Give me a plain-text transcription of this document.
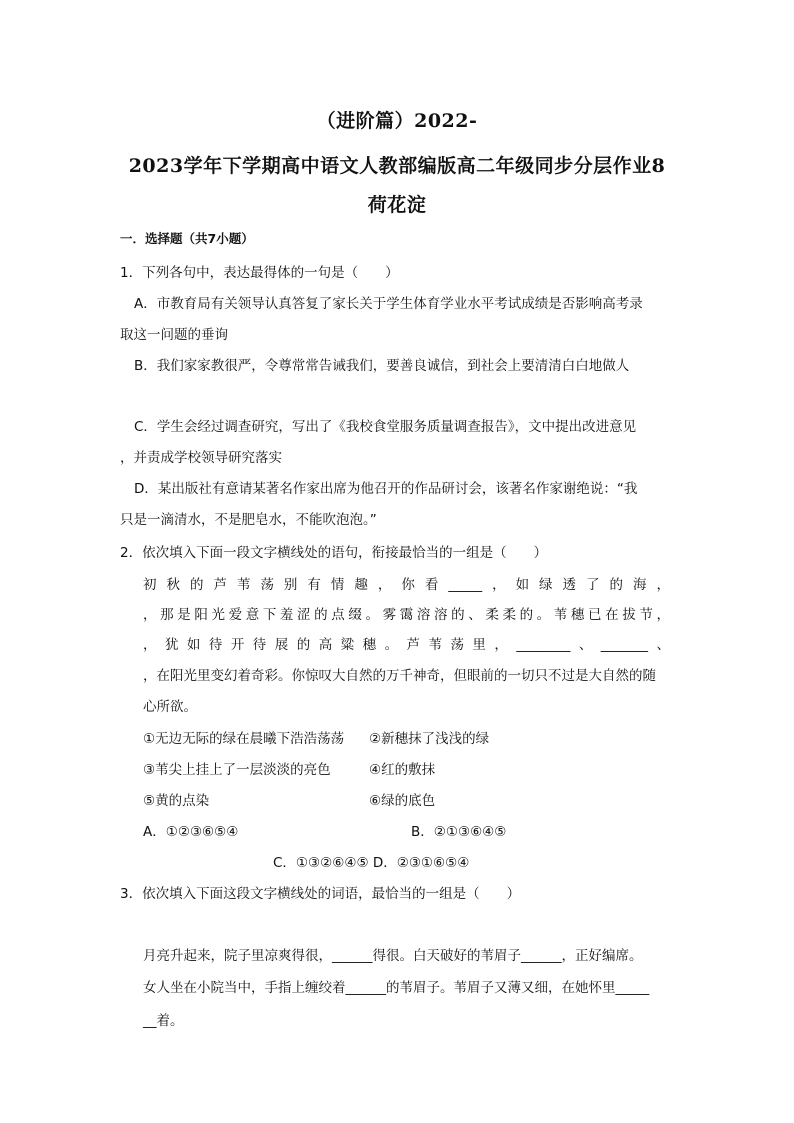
（进阶篇）2022-
2023学年下学期高中语文人教部编版高二年级同步分层作业8
荷花淀
一．选择题（共7小题）
1．下列各句中，表达最得体的一句是（　　）
A．市教育局有关领导认真答复了家长关于学生体育学业水平考试成绩是否影响高考录
取这一问题的垂询
B．我们家家教很严，令尊常常告诫我们，要善良诚信，到社会上要清清白白地做人
C．学生会经过调查研究，写出了《我校食堂服务质量调查报告》，文中提出改进意见
，并责成学校领导研究落实
D．某出版社有意请某著名作家出席为他召开的作品研讨会，该著名作家谢绝说：“我
只是一滴清水，不是肥皂水，不能吹泡泡。”
2．依次填入下面一段文字横线处的语句，衔接最恰当的一组是（　　）
初秋的芦苇荡别有情趣，你看_____，如绿透了的海，
，那是阳光爱意下羞涩的点缀。雾霭溶溶的、柔柔的。苇穗已在拔节，
，犹如待开待展的高粱穗。芦苇荡里，________、_______、
，在阳光里变幻着奇彩。你惊叹大自然的万千神奇，但眼前的一切只不过是大自然的随
心所欲。
①无边无际的绿在晨曦下浩浩荡荡 ②新穗抹了浅浅的绿
③苇尖上挂上了一层淡淡的亮色	④红的敷抹
⑤黄的点染	⑥绿的底色
A．①②③⑥⑤④	B．②①③⑥④⑤
C．①③②⑥④⑤ D．②③①⑥⑤④
3．依次填入下面这段文字横线处的词语，最恰当的一组是（　　）
月亮升起来，院子里凉爽得很，______得很。白天破好的苇眉子______，正好编席。
女人坐在小院当中，手指上缠绞着______的苇眉子。苇眉子又薄又细，在她怀里_____
__着。
